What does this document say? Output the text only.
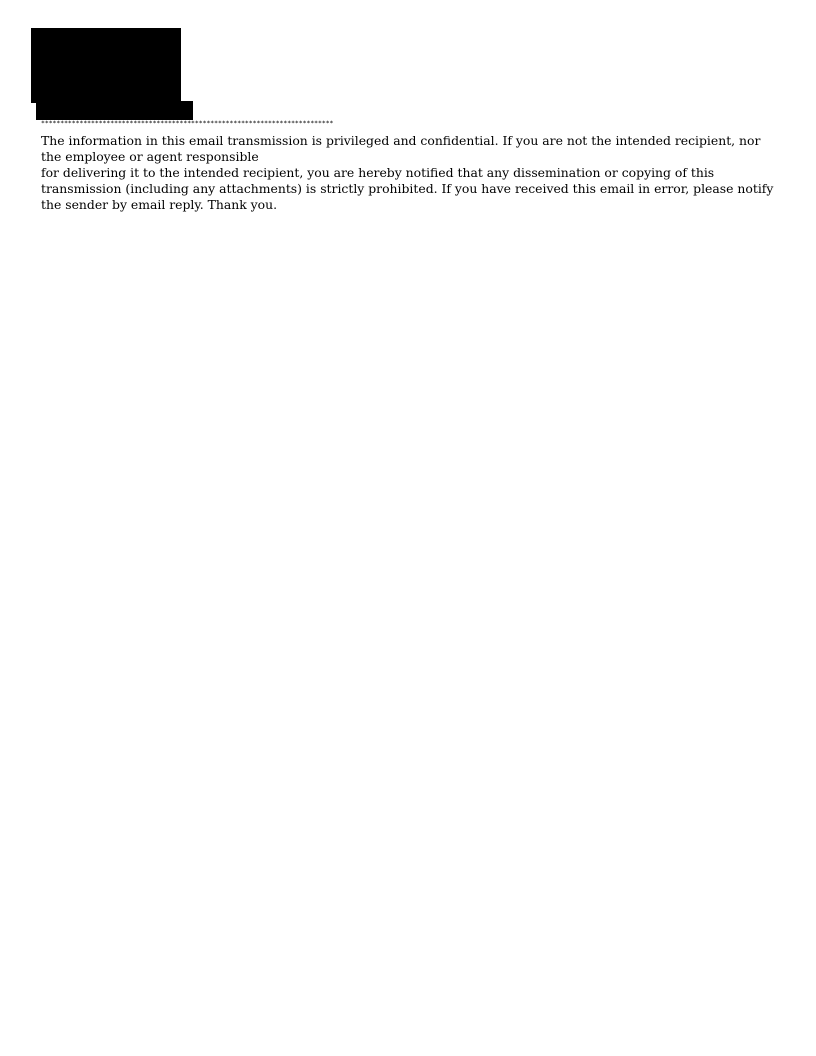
****************************************************************************

The information in this email transmission is privileged and confidential. If you are not the intended recipient, nor the employee or agent responsible

for delivering it to the intended recipient, you are hereby notified that any dissemination or copying of this transmission (including any attachments) is strictly prohibited. If you have received this email in error, please notify the sender by email reply. Thank you.
